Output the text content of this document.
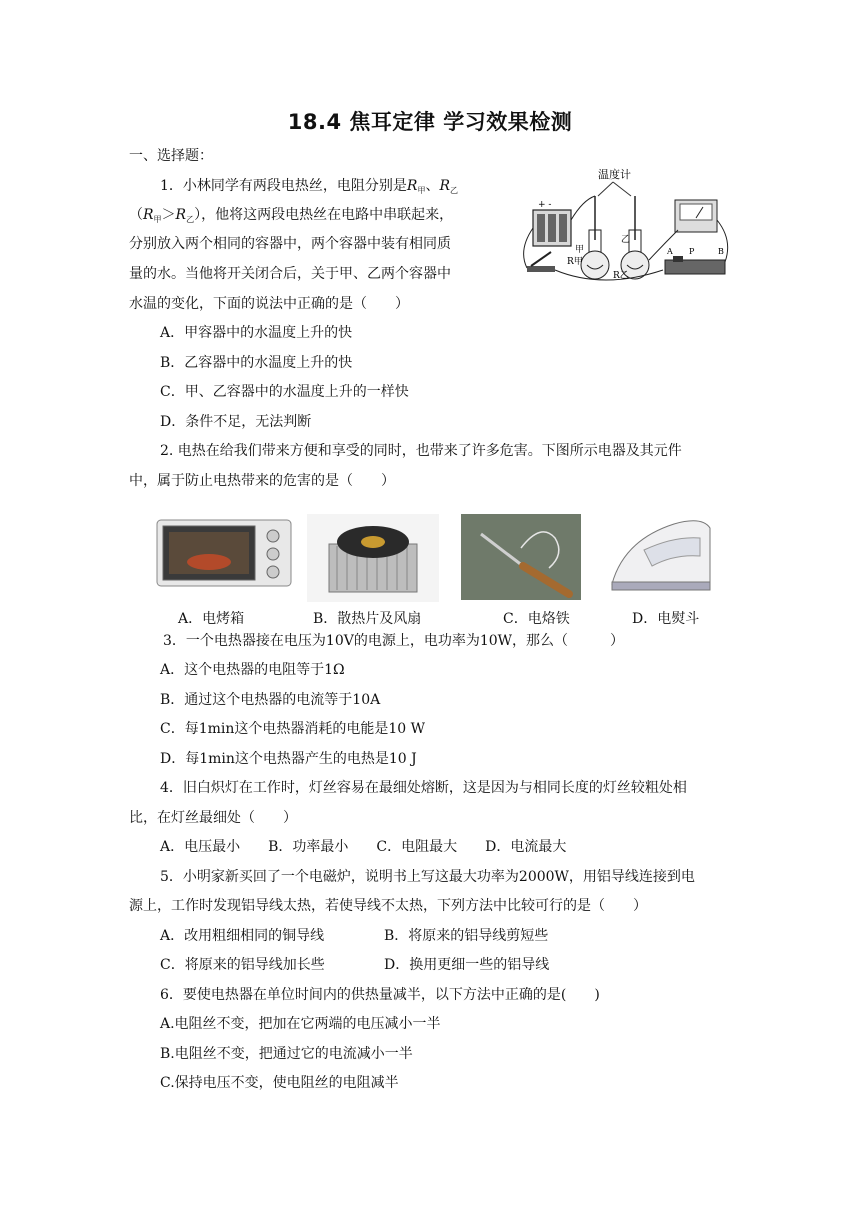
18.4 焦耳定律 学习效果检测
一、选择题：
1．小林同学有两段电热丝，电阻分别是$R_甲$、$R_乙$
$(R_甲>R_乙)$，他将这两段电热丝在电路中串联起来，
分别放入两个相同的容器中，两个容器中装有相同质
量的水。当他将开关闭合后，关于甲、乙两个容器中
水温的变化，下面的说法中正确的是（　　）
A．甲容器中的水温度上升的快
B．乙容器中的水温度上升的快
C．甲、乙容器中的水温度上升的一样快
D．条件不足，无法判断
温度计
+ -
甲
R甲
乙
R乙
A P	B
2. 电热在给我们带来方便和享受的同时，也带来了许多危害。下图所示电器及其元件
中，属于防止电热带来的危害的是（　　）
A．电烤箱	B．散热片及风扇	C．电烙铁	D．电熨斗
3．一个电热器接在电压为10V的电源上，电功率为10W，那么（　　　）
A．这个电热器的电阻等于1Ω
B．通过这个电热器的电流等于10A
C．每1min这个电热器消耗的电能是10 W
D．每1min这个电热器产生的电热是10 J
4．旧白炽灯在工作时，灯丝容易在最细处熔断，这是因为与相同长度的灯丝较粗处相
比，在灯丝最细处（　　）
A．电压最小　　B．功率最小　　C．电阻最大　　D．电流最大
5．小明家新买回了一个电磁炉，说明书上写这最大功率为2000W，用铝导线连接到电
源上，工作时发现铝导线太热，若使导线不太热，下列方法中比较可行的是（　　）
A．改用粗细相同的铜导线	B．将原来的铝导线剪短些
C．将原来的铝导线加长些	D．换用更细一些的铝导线
6．要使电热器在单位时间内的供热量减半，以下方法中正确的是(　　)
A.电阻丝不变，把加在它两端的电压减小一半
B.电阻丝不变，把通过它的电流减小一半
C.保持电压不变，使电阻丝的电阻减半
